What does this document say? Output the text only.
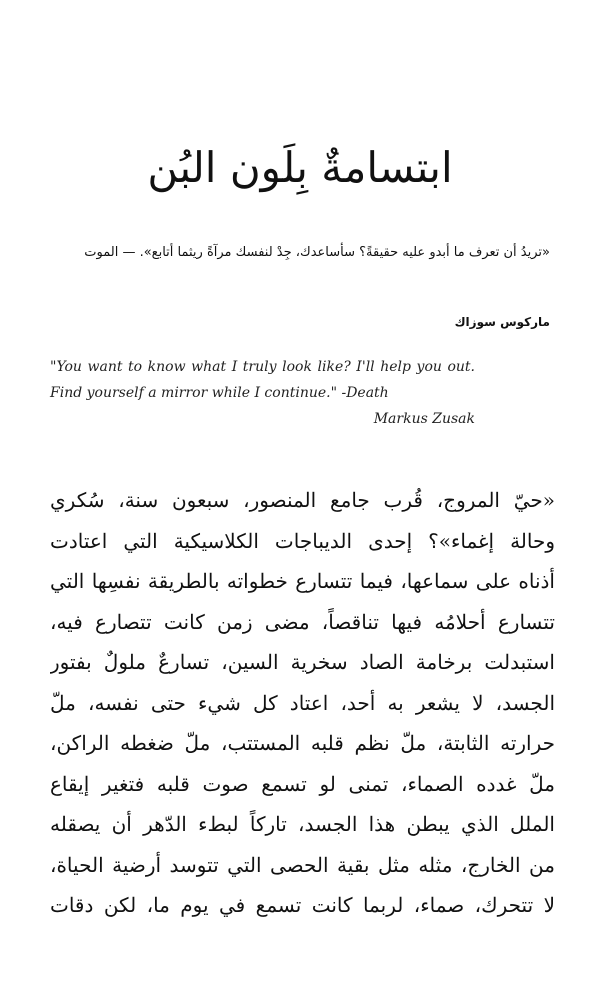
ابتسامةٌ بِلَون البُن

«تريدُ أن تعرف ما أبدو عليه حقيقةً؟ سأساعدك، جِدْ لنفسك مرآةً ريثما أتابع». — الموت

ماركوس سوزاك

"You want to know what I truly look like? I'll help you out. Find yourself a mirror while I continue." -Death

Markus Zusak

«حيّ المروج، قُرب جامع المنصور، سبعون سنة، سُكري
وحالة إغماء»؟ إحدى الديباجات الكلاسيكية التي اعتادت
أذناه على سماعها، فيما تتسارع خطواته بالطريقة نفسِها التي
تتسارع أحلامُه فيها تناقصاً، مضى زمن كانت تتصارع فيه،
استبدلت برخامة الصاد سخرية السين، تسارعٌ ملولٌ بفتور
الجسد، لا يشعر به أحد، اعتاد كل شيء حتى نفسه، ملّ
حرارته الثابتة، ملّ نظم قلبه المستتب، ملّ ضغطه الراكن،
ملّ غدده الصماء، تمنى لو تسمع صوت قلبه فتغير إيقاع
الملل الذي يبطن هذا الجسد، تاركاً لبطء الدّهر أن يصقله
من الخارج، مثله مثل بقية الحصى التي تتوسد أرضية الحياة،
لا تتحرك، صماء، لربما كانت تسمع في يوم ما، لكن دقات
